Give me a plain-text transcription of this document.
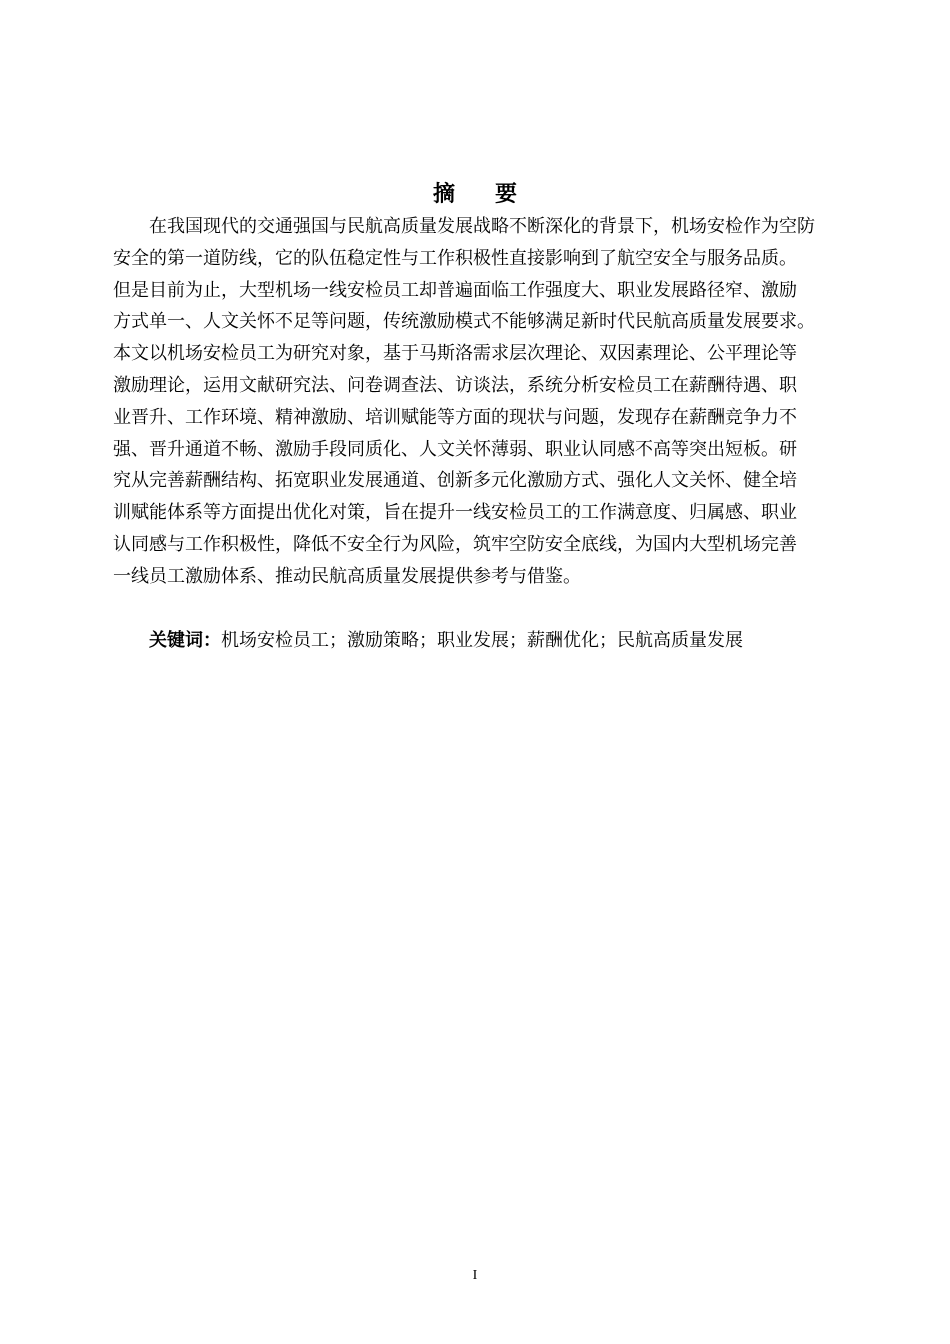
摘 要
在我国现代的交通强国与民航高质量发展战略不断深化的背景下，机场安检作为空防
安全的第一道防线，它的队伍稳定性与工作积极性直接影响到了航空安全与服务品质。
但是目前为止，大型机场一线安检员工却普遍面临工作强度大、职业发展路径窄、激励
方式单一、人文关怀不足等问题，传统激励模式不能够满足新时代民航高质量发展要求。
本文以机场安检员工为研究对象，基于马斯洛需求层次理论、双因素理论、公平理论等
激励理论，运用文献研究法、问卷调查法、访谈法，系统分析安检员工在薪酬待遇、职
业晋升、工作环境、精神激励、培训赋能等方面的现状与问题，发现存在薪酬竞争力不
强、晋升通道不畅、激励手段同质化、人文关怀薄弱、职业认同感不高等突出短板。研
究从完善薪酬结构、拓宽职业发展通道、创新多元化激励方式、强化人文关怀、健全培
训赋能体系等方面提出优化对策，旨在提升一线安检员工的工作满意度、归属感、职业
认同感与工作积极性，降低不安全行为风险，筑牢空防安全底线，为国内大型机场完善
一线员工激励体系、推动民航高质量发展提供参考与借鉴。
关键词：机场安检员工；激励策略；职业发展；薪酬优化；民航高质量发展
I
